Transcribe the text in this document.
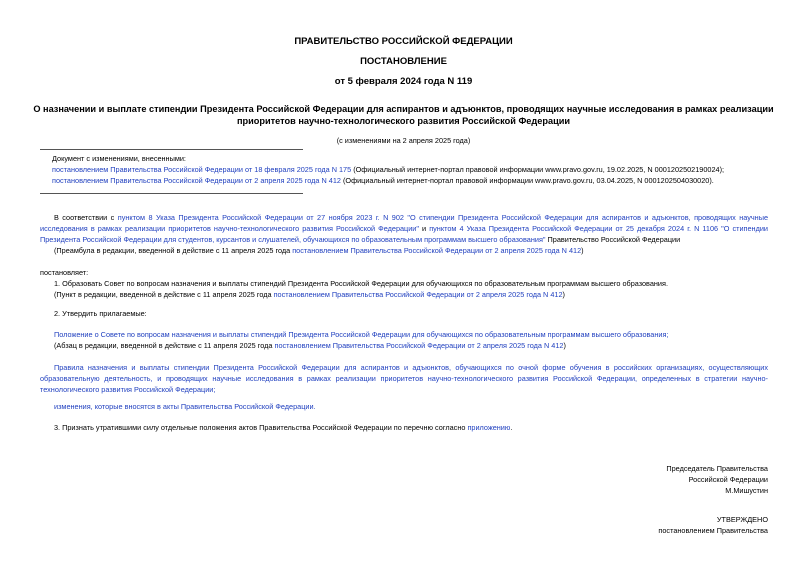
ПРАВИТЕЛЬСТВО РОССИЙСКОЙ ФЕДЕРАЦИИ
ПОСТАНОВЛЕНИЕ
от 5 февраля 2024 года N 119
О назначении и выплате стипендии Президента Российской Федерации для аспирантов и адъюнктов, проводящих научные исследования в рамках реализации
приоритетов научно-технологического развития Российской Федерации
(с изменениями на 2 апреля 2025 года)
Документ с изменениями, внесенными:
постановлением Правительства Российской Федерации от 18 февраля 2025 года N 175 (Официальный интернет-портал правовой информации www.pravo.gov.ru, 19.02.2025, N 0001202502190024);
постановлением Правительства Российской Федерации от 2 апреля 2025 года N 412 (Официальный интернет-портал правовой информации www.pravo.gov.ru, 03.04.2025, N 0001202504030020).
В соответствии с пунктом 8 Указа Президента Российской Федерации от 27 ноября 2023 г. N 902 "О стипендии Президента Российской Федерации для аспирантов и адъюнктов, проводящих научные исследования в рамках реализации приоритетов научно-технологического развития Российской Федерации" и пунктом 4 Указа Президента Российской Федерации от 25 декабря 2024 г. N 1106 "О стипендии Президента Российской Федерации для студентов, курсантов и слушателей, обучающихся по образовательным программам высшего образования" Правительство Российской Федерации
(Преамбула в редакции, введенной в действие с 11 апреля 2025 года постановлением Правительства Российской Федерации от 2 апреля 2025 года N 412)
постановляет:
1. Образовать Совет по вопросам назначения и выплаты стипендий Президента Российской Федерации для обучающихся по образовательным программам высшего образования.
(Пункт в редакции, введенной в действие с 11 апреля 2025 года постановлением Правительства Российской Федерации от 2 апреля 2025 года N 412)
2. Утвердить прилагаемые:
Положение о Совете по вопросам назначения и выплаты стипендий Президента Российской Федерации для обучающихся по образовательным программам высшего образования;
(Абзац в редакции, введенной в действие с 11 апреля 2025 года постановлением Правительства Российской Федерации от 2 апреля 2025 года N 412)
Правила назначения и выплаты стипендии Президента Российской Федерации для аспирантов и адъюнктов, обучающихся по очной форме обучения в российских организациях, осуществляющих образовательную деятельность, и проводящих научные исследования в рамках реализации приоритетов научно-технологического развития Российской Федерации, определенных в стратегии научно-технологического развития Российской Федерации;
изменения, которые вносятся в акты Правительства Российской Федерации.
3. Признать утратившими силу отдельные положения актов Правительства Российской Федерации по перечню согласно приложению.
Председатель Правительства
Российской Федерации
М.Мишустин
УТВЕРЖДЕНО
постановлением Правительства
